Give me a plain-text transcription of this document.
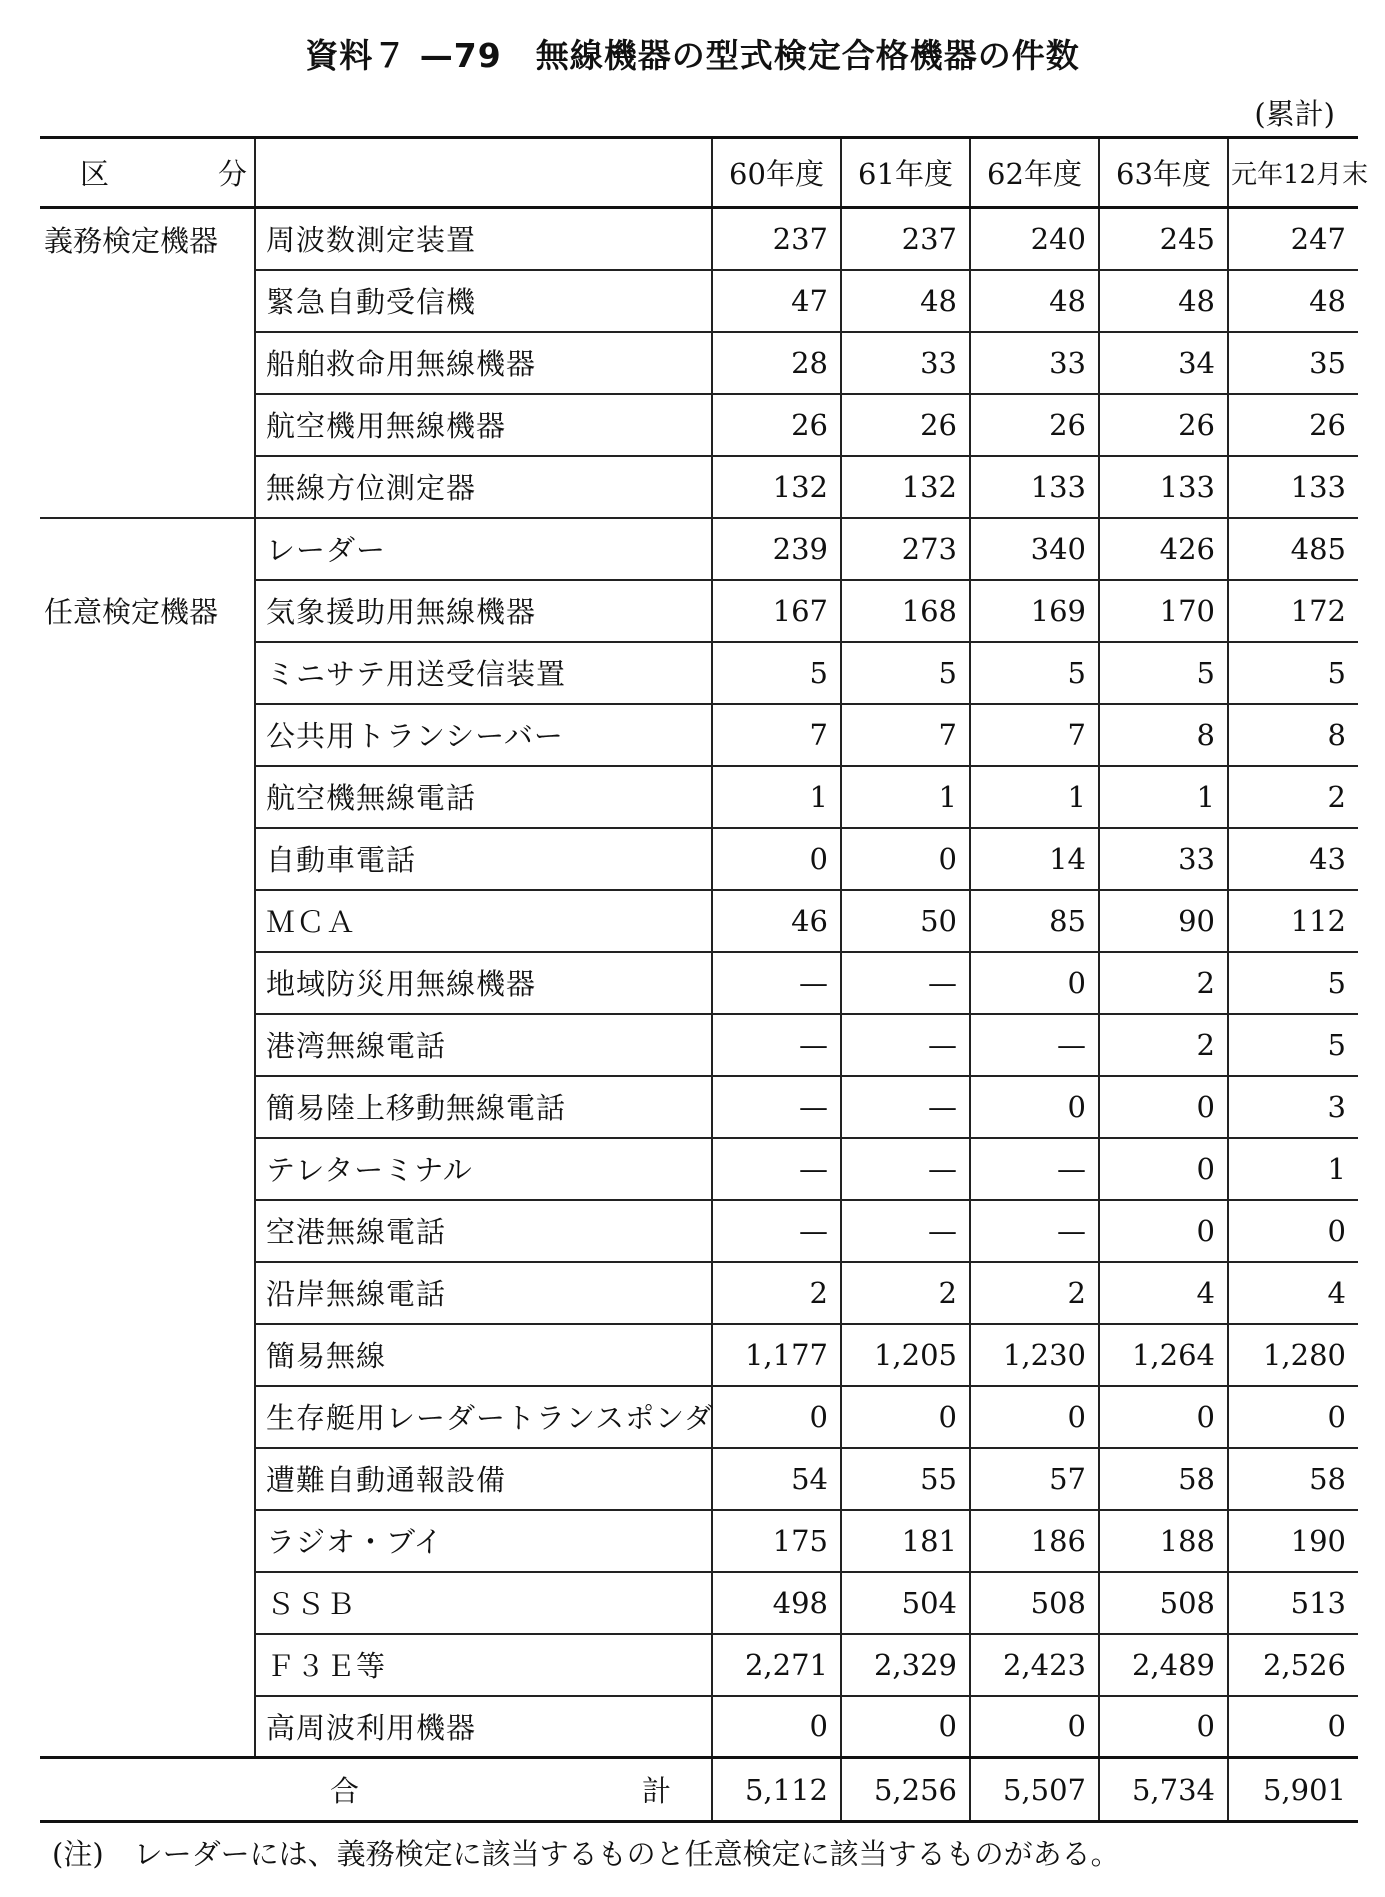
資料７ —79　無線機器の型式検定合格機器の件数
(累計)
区　分		60年度	61年度	62年度	63年度	元年12月末
義務検定機器	周波数測定装置	237	237	240	245	247
	緊急自動受信機	47	48	48	48	48
	船舶救命用無線機器	28	33	33	34	35
	航空機用無線機器	26	26	26	26	26
	無線方位測定器	132	132	133	133	133
	レーダー	239	273	340	426	485
任意検定機器	気象援助用無線機器	167	168	169	170	172
	ミニサテ用送受信装置	5	5	5	5	5
	公共用トランシーバー	7	7	7	8	8
	航空機無線電話	1	1	1	1	2
	自動車電話	0	0	14	33	43
	ＭＣＡ	46	50	85	90	112
	地域防災用無線機器	—	—	0	2	5
	港湾無線電話	—	—	—	2	5
	簡易陸上移動無線電話	—	—	0	0	3
	テレターミナル	—	—	—	0	1
	空港無線電話	—	—	—	0	0
	沿岸無線電話	2	2	2	4	4
	簡易無線	1,177	1,205	1,230	1,264	1,280
	生存艇用レーダートランスポンダ	0	0	0	0	0
	遭難自動通報設備	54	55	57	58	58
	ラジオ・ブイ	175	181	186	188	190
	ＳＳＢ	498	504	508	508	513
	Ｆ３Ｅ等	2,271	2,329	2,423	2,489	2,526
	高周波利用機器	0	0	0	0	0

合 計		5,112	5,256	5,507	5,734	5,901
(注) レーダーには、義務検定に該当するものと任意検定に該当するものがある。
